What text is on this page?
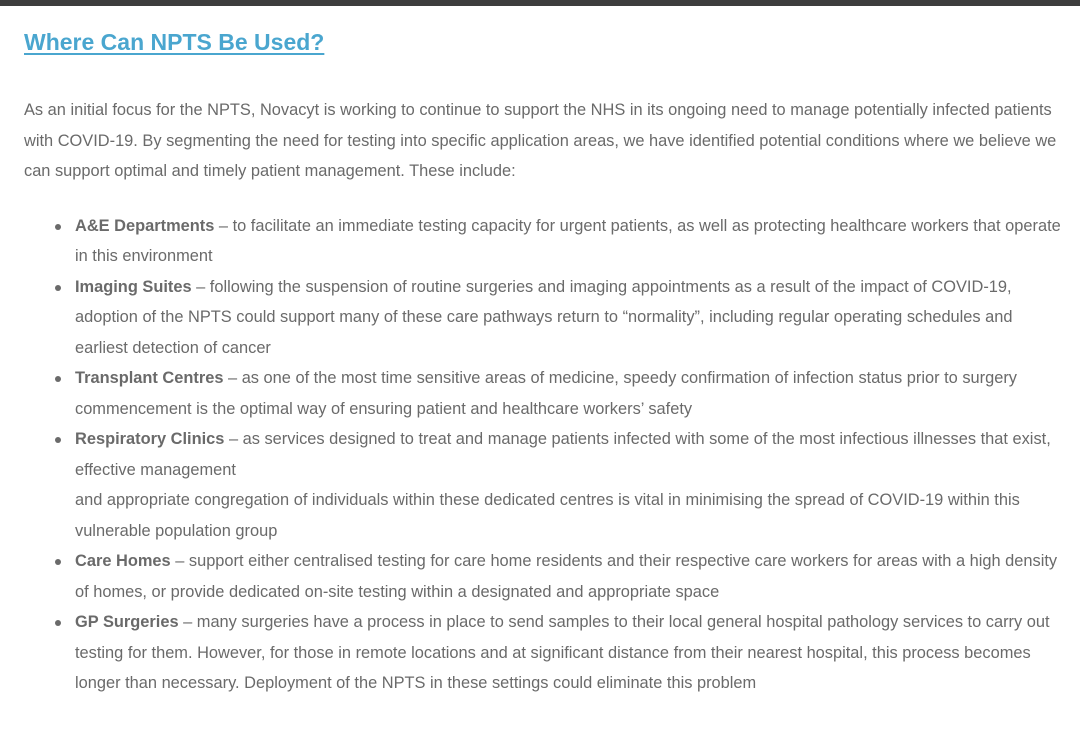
Where Can NPTS Be Used?

As an initial focus for the NPTS, Novacyt is working to continue to support the NHS in its ongoing need to manage potentially infected patients with COVID-19. By segmenting the need for testing into specific application areas, we have identified potential conditions where we believe we can support optimal and timely patient management. These include:

A&E Departments – to facilitate an immediate testing capacity for urgent patients, as well as protecting healthcare workers that operate in this environment
Imaging Suites – following the suspension of routine surgeries and imaging appointments as a result of the impact of COVID-19, adoption of the NPTS could support many of these care pathways return to “normality”, including regular operating schedules and earliest detection of cancer
Transplant Centres – as one of the most time sensitive areas of medicine, speedy confirmation of infection status prior to surgery commencement is the optimal way of ensuring patient and healthcare workers’ safety
Respiratory Clinics – as services designed to treat and manage patients infected with some of the most infectious illnesses that exist, effective management
and appropriate congregation of individuals within these dedicated centres is vital in minimising the spread of COVID-19 within this vulnerable population group
Care Homes – support either centralised testing for care home residents and their respective care workers for areas with a high density of homes, or provide dedicated on-site testing within a designated and appropriate space
GP Surgeries – many surgeries have a process in place to send samples to their local general hospital pathology services to carry out testing for them. However, for those in remote locations and at significant distance from their nearest hospital, this process becomes longer than necessary. Deployment of the NPTS in these settings could eliminate this problem
